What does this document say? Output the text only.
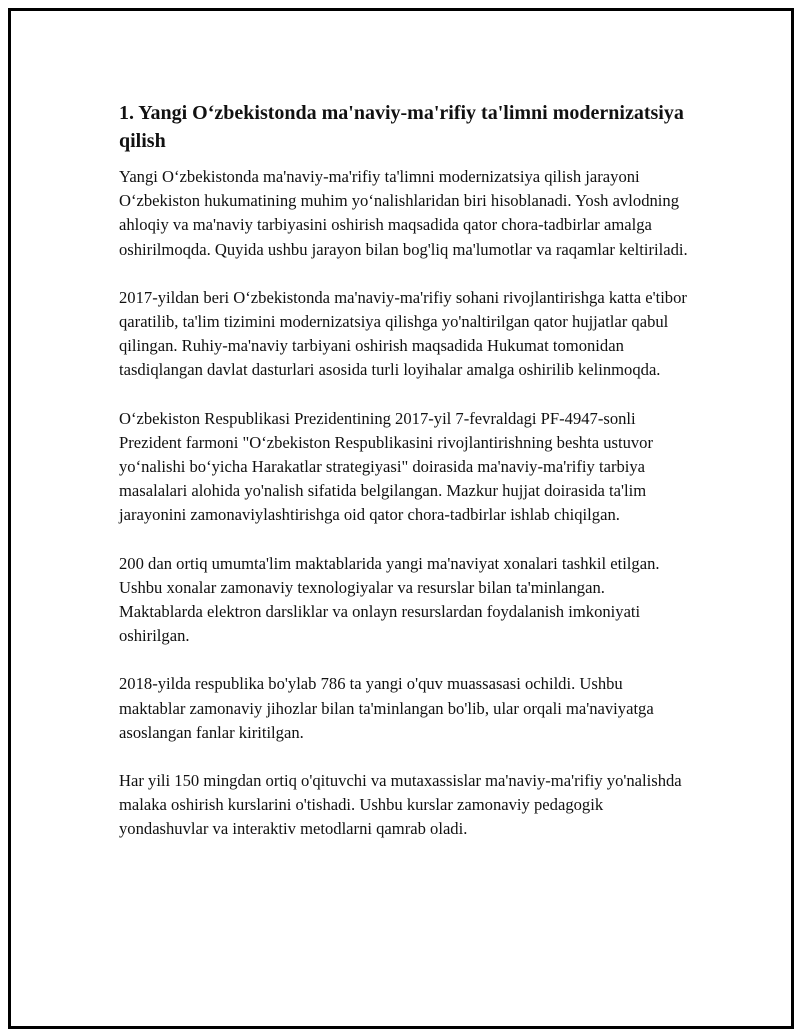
1. Yangi O‘zbekistonda ma'naviy-ma'rifiy ta'limni modernizatsiya qilish

Yangi O‘zbekistonda ma'naviy-ma'rifiy ta'limni modernizatsiya qilish jarayoni O‘zbekiston hukumatining muhim yo‘nalishlaridan biri hisoblanadi. Yosh avlodning ahloqiy va ma'naviy tarbiyasini oshirish maqsadida qator chora-tadbirlar amalga oshirilmoqda. Quyida ushbu jarayon bilan bog'liq ma'lumotlar va raqamlar keltiriladi.

2017-yildan beri O‘zbekistonda ma'naviy-ma'rifiy sohani rivojlantirishga katta e'tibor qaratilib, ta'lim tizimini modernizatsiya qilishga yo'naltirilgan qator hujjatlar qabul qilingan. Ruhiy-ma'naviy tarbiyani oshirish maqsadida Hukumat tomonidan tasdiqlangan davlat dasturlari asosida turli loyihalar amalga oshirilib kelinmoqda.

O‘zbekiston Respublikasi Prezidentining 2017-yil 7-fevraldagi PF-4947-sonli Prezident farmoni "O‘zbekiston Respublikasini rivojlantirishning beshta ustuvor yo‘nalishi bo‘yicha Harakatlar strategiyasi" doirasida ma'naviy-ma'rifiy tarbiya masalalari alohida yo'nalish sifatida belgilangan. Mazkur hujjat doirasida ta'lim jarayonini zamonaviylashtirishga oid qator chora-tadbirlar ishlab chiqilgan.

200 dan ortiq umumta'lim maktablarida yangi ma'naviyat xonalari tashkil etilgan. Ushbu xonalar zamonaviy texnologiyalar va resurslar bilan ta'minlangan. Maktablarda elektron darsliklar va onlayn resurslardan foydalanish imkoniyati oshirilgan.

2018-yilda respublika bo'ylab 786 ta yangi o'quv muassasasi ochildi. Ushbu maktablar zamonaviy jihozlar bilan ta'minlangan bo'lib, ular orqali ma'naviyatga asoslangan fanlar kiritilgan.

Har yili 150 mingdan ortiq o'qituvchi va mutaxassislar ma'naviy-ma'rifiy yo'nalishda malaka oshirish kurslarini o'tishadi. Ushbu kurslar zamonaviy pedagogik yondashuvlar va interaktiv metodlarni qamrab oladi.
